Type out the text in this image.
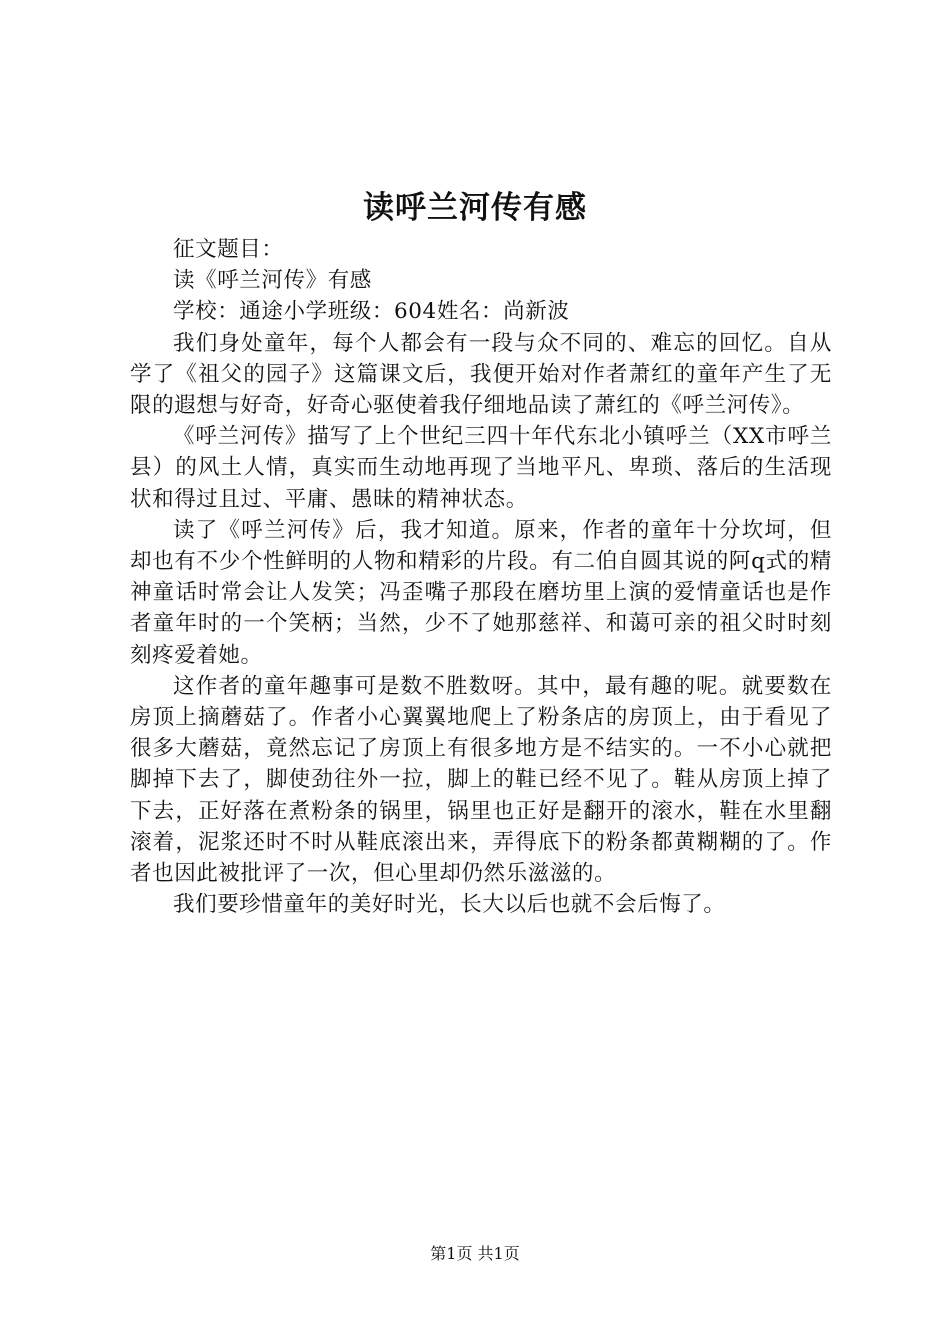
读呼兰河传有感

征文题目：

读《呼兰河传》有感

学校：通途小学班级：604姓名：尚新波

我们身处童年，每个人都会有一段与众不同的、难忘的回忆。自从学了《祖父的园子》这篇课文后，我便开始对作者萧红的童年产生了无限的遐想与好奇，好奇心驱使着我仔细地品读了萧红的《呼兰河传》。

《呼兰河传》描写了上个世纪三四十年代东北小镇呼兰（XX市呼兰县）的风土人情，真实而生动地再现了当地平凡、卑琐、落后的生活现状和得过且过、平庸、愚昧的精神状态。

读了《呼兰河传》后，我才知道。原来，作者的童年十分坎坷，但却也有不少个性鲜明的人物和精彩的片段。有二伯自圆其说的阿q式的精神童话时常会让人发笑；冯歪嘴子那段在磨坊里上演的爱情童话也是作者童年时的一个笑柄；当然，少不了她那慈祥、和蔼可亲的祖父时时刻刻疼爱着她。

这作者的童年趣事可是数不胜数呀。其中，最有趣的呢。就要数在房顶上摘蘑菇了。作者小心翼翼地爬上了粉条店的房顶上，由于看见了很多大蘑菇，竟然忘记了房顶上有很多地方是不结实的。一不小心就把脚掉下去了，脚使劲往外一拉，脚上的鞋已经不见了。鞋从房顶上掉了下去，正好落在煮粉条的锅里，锅里也正好是翻开的滚水，鞋在水里翻滚着，泥浆还时不时从鞋底滚出来，弄得底下的粉条都黄糊糊的了。作者也因此被批评了一次，但心里却仍然乐滋滋的。

我们要珍惜童年的美好时光，长大以后也就不会后悔了。

第1页 共1页
